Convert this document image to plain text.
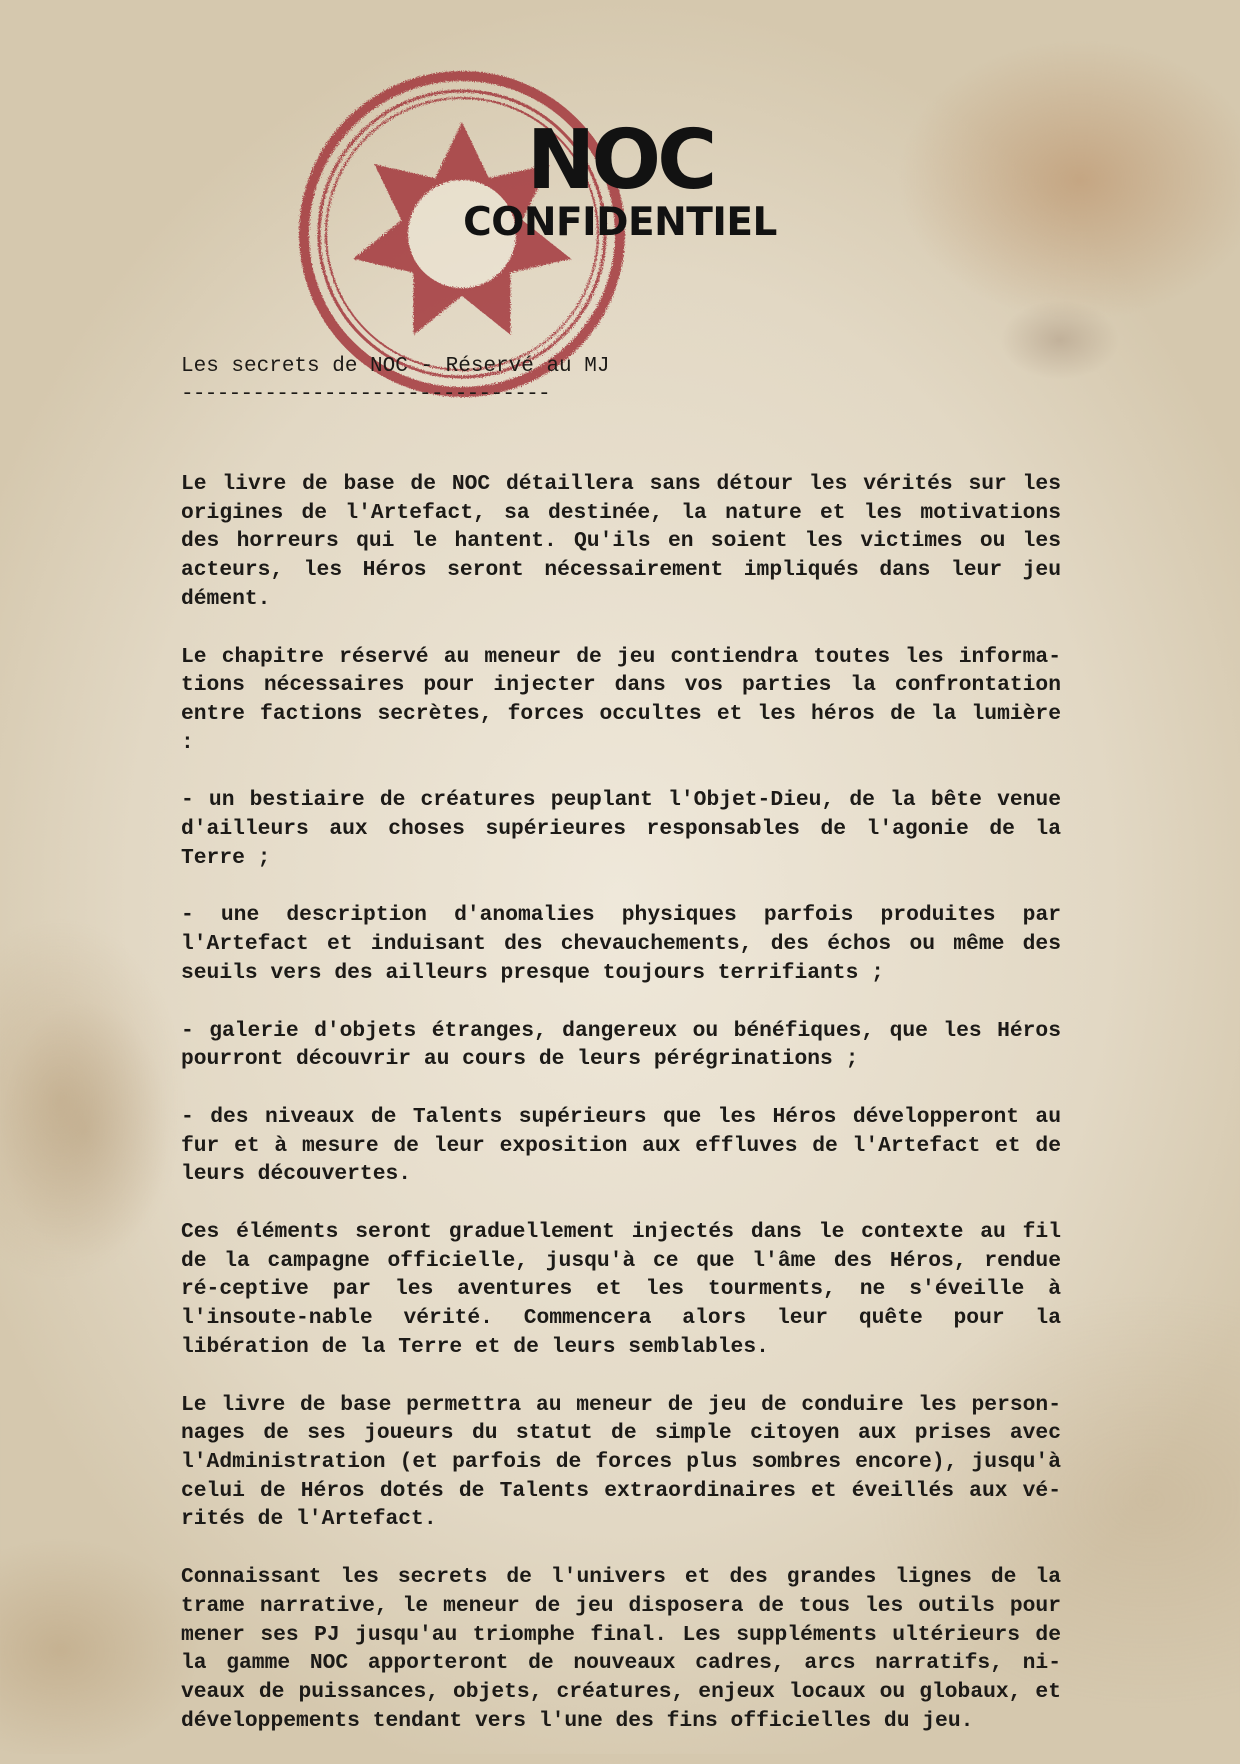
NOC
CONFIDENTIEL
Les secrets de NOC - Réservé au MJ
-------------------------------

Le livre de base de NOC détaillera sans détour les vérités sur les origines de l'Artefact, sa destinée, la nature et les motivations des horreurs qui le hantent. Qu'ils en soient les victimes ou les acteurs, les Héros seront nécessairement impliqués dans leur jeu dément.

Le chapitre réservé au meneur de jeu contiendra toutes les informa-tions nécessaires pour injecter dans vos parties la confrontation entre factions secrètes, forces occultes et les héros de la lumière :

- un bestiaire de créatures peuplant l'Objet-Dieu, de la bête venue d'ailleurs aux choses supérieures responsables de l'agonie de la Terre ;

- une description d'anomalies physiques parfois produites par l'Artefact et induisant des chevauchements, des échos ou même des seuils vers des ailleurs presque toujours terrifiants ;

- galerie d'objets étranges, dangereux ou bénéfiques, que les Héros pourront découvrir au cours de leurs pérégrinations ;

- des niveaux de Talents supérieurs que les Héros développeront au fur et à mesure de leur exposition aux effluves de l'Artefact et de leurs découvertes.

Ces éléments seront graduellement injectés dans le contexte au fil de la campagne officielle, jusqu'à ce que l'âme des Héros, rendue ré-ceptive par les aventures et les tourments, ne s'éveille à l'insoute-nable vérité. Commencera alors leur quête pour la libération de la Terre et de leurs semblables.

Le livre de base permettra au meneur de jeu de conduire les person-nages de ses joueurs du statut de simple citoyen aux prises avec l'Administration (et parfois de forces plus sombres encore), jusqu'à celui de Héros dotés de Talents extraordinaires et éveillés aux vé-rités de l'Artefact.

Connaissant les secrets de l'univers et des grandes lignes de la trame narrative, le meneur de jeu disposera de tous les outils pour mener ses PJ jusqu'au triomphe final. Les suppléments ultérieurs de la gamme NOC apporteront de nouveaux cadres, arcs narratifs, ni-veaux de puissances, objets, créatures, enjeux locaux ou globaux, et développements tendant vers l'une des fins officielles du jeu.
